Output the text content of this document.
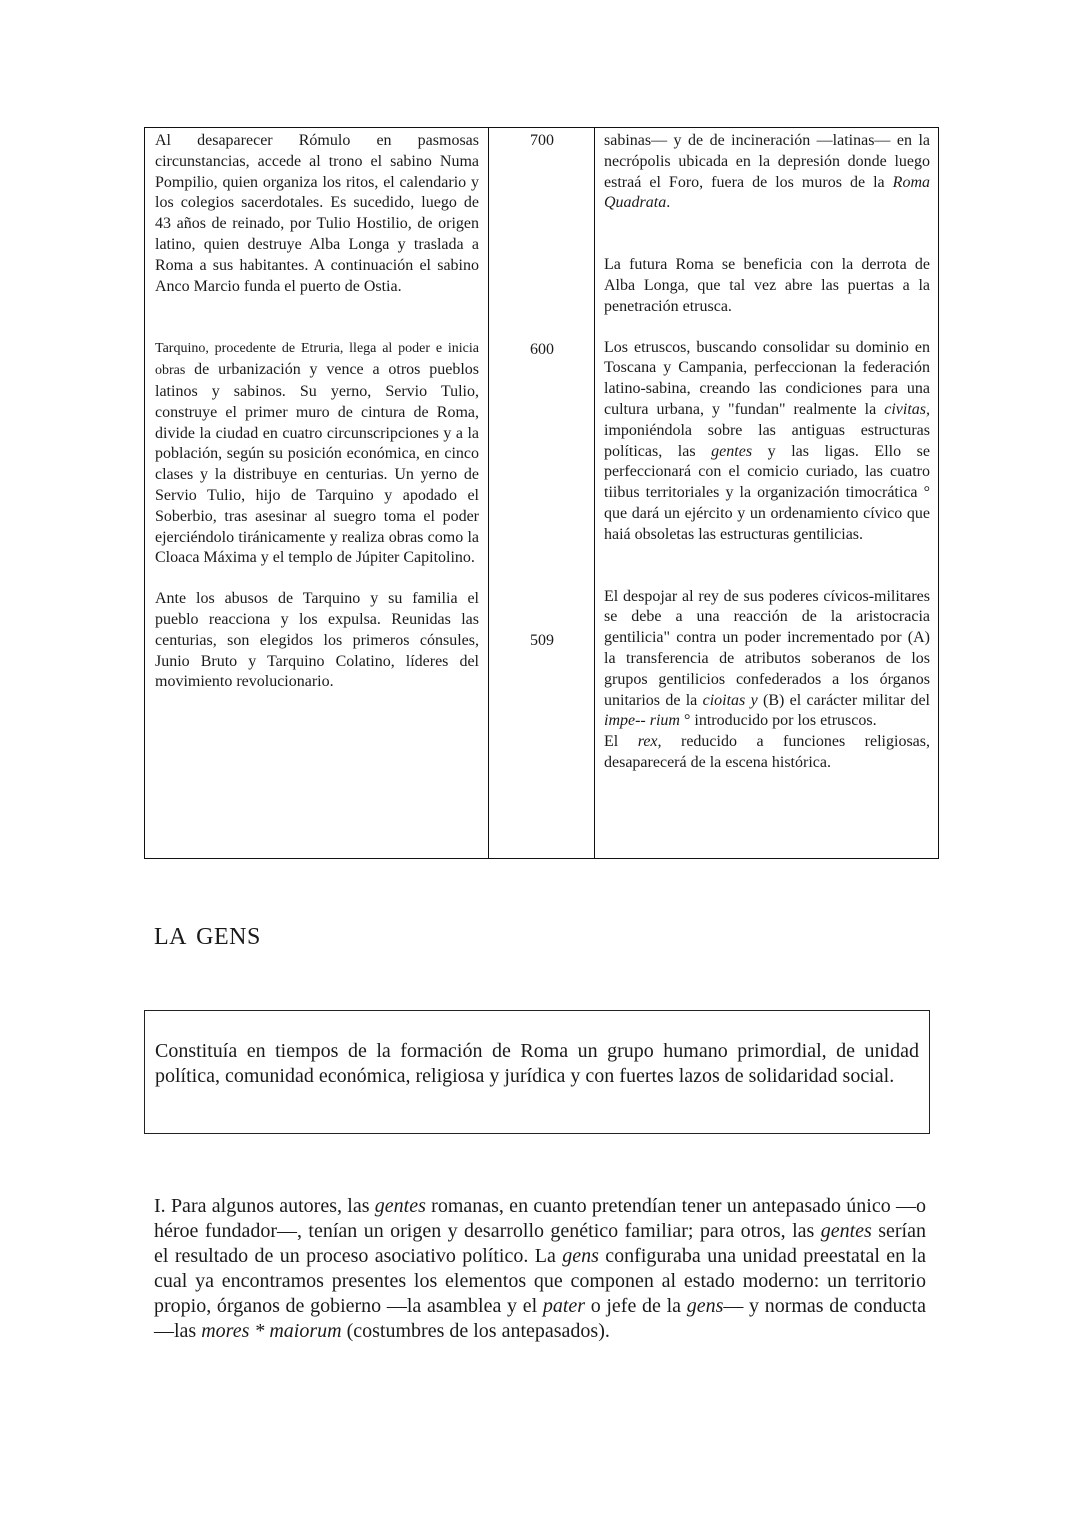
Al desaparecer Rómulo en pasmosas circunstancias, accede al trono el sabino Numa Pompilio, quien organiza los ritos, el calendario y los colegios sacerdotales. Es sucedido, luego de 43 años de reinado, por Tulio Hostilio, de origen latino, quien destruye Alba Longa y traslada a Roma a sus habitantes. A continuación el sabino Anco Marcio funda el puerto de Ostia.

Tarquino, procedente de Etruria, llega al poder e inicia obras de urbanización y vence a otros pueblos latinos y sabinos. Su yerno, Servio Tulio, construye el primer muro de cintura de Roma, divide la ciudad en cuatro circunscripciones y a la población, según su posición económica, en cinco clases y la distribuye en centurias. Un yerno de Servio Tulio, hijo de Tarquino y apodado el Soberbio, tras asesinar al suegro toma el poder ejerciéndolo tiránicamente y realiza obras como la Cloaca Máxima y el templo de Júpiter Capitolino.

Ante los abusos de Tarquino y su familia el pueblo reacciona y los expulsa. Reunidas las centurias, son elegidos los primeros cónsules, Junio Bruto y Tarquino Colatino, líderes del movimiento revolucionario.

700
600
509

sabinas— y de de incineración —latinas— en la necrópolis ubicada en la depresión donde luego estraá el Foro, fuera de los muros de la Roma Quadrata.

La futura Roma se beneficia con la derrota de Alba Longa, que tal vez abre las puertas a la penetración etrusca.

Los etruscos, buscando consolidar su dominio en Toscana y Campania, perfeccionan la federación latino-sabina, creando las condiciones para una cultura urbana, y "fundan" realmente la civitas, imponiéndola sobre las antiguas estructuras políticas, las gentes y las ligas. Ello se perfeccionará con el comicio curiado, las cuatro tiibus territoriales y la organización timocrática ° que dará un ejército y un ordenamiento cívico que haiá obsoletas las estructuras gentilicias.

El despojar al rey de sus poderes cívicos-militares se debe a una reacción de la aristocracia gentilicia" contra un poder incrementado por (A) la transferencia de atributos soberanos de los grupos gentilicios confederados a los órganos unitarios de la cioitas y (B) el carácter militar del impe-- rium ° introducido por los etruscos.
El rex, reducido a funciones religiosas, desaparecerá de la escena histórica.

LA GENS
Constituía en tiempos de la formación de Roma un grupo humano primordial, de unidad política, comunidad económica, religiosa y jurídica y con fuertes lazos de solidaridad social.
I. Para algunos autores, las gentes romanas, en cuanto pretendían tener un antepasado único —o héroe fundador—, tenían un origen y desarrollo genético familiar; para otros, las gentes serían el resultado de un proceso asociativo político. La gens configuraba una unidad preestatal en la cual ya encontramos presentes los elementos que componen al estado moderno: un territorio propio, órganos de gobierno —la asamblea y el pater o jefe de la gens— y normas de conducta —las mores * maiorum (costumbres de los antepasados).
